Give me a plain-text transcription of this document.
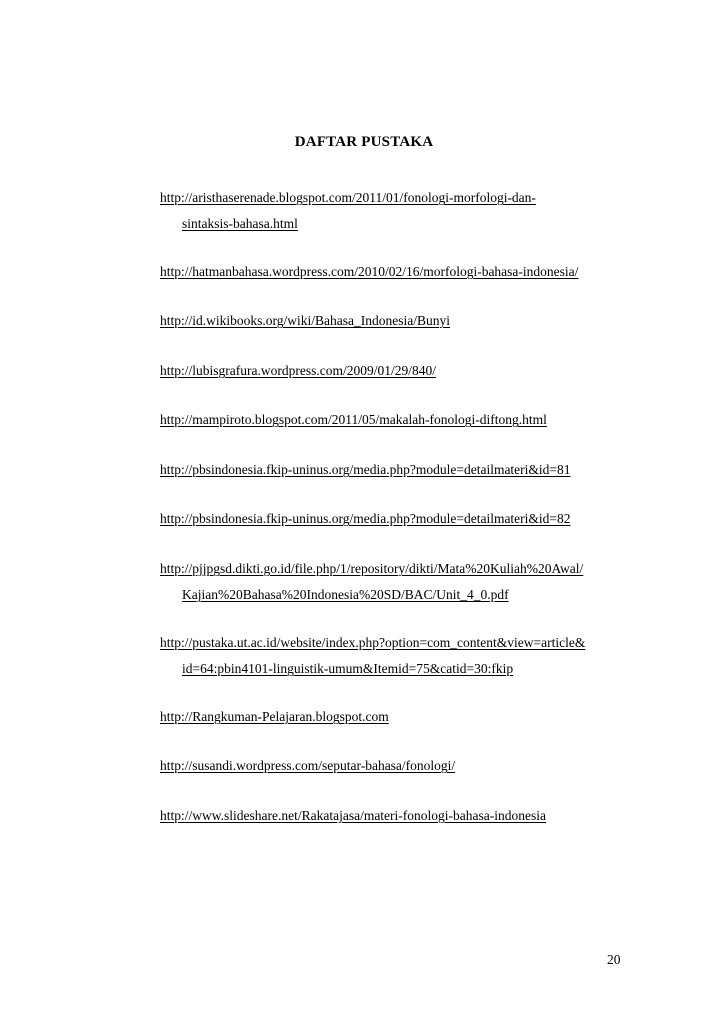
DAFTAR PUSTAKA
http://aristhaserenade.blogspot.com/2011/01/fonologi-morfologi-dan-
sintaksis-bahasa.html
http://hatmanbahasa.wordpress.com/2010/02/16/morfologi-bahasa-indonesia/
http://id.wikibooks.org/wiki/Bahasa_Indonesia/Bunyi
http://lubisgrafura.wordpress.com/2009/01/29/840/
http://mampiroto.blogspot.com/2011/05/makalah-fonologi-diftong.html
http://pbsindonesia.fkip-uninus.org/media.php?module=detailmateri&id=81
http://pbsindonesia.fkip-uninus.org/media.php?module=detailmateri&id=82
http://pjjpgsd.dikti.go.id/file.php/1/repository/dikti/Mata%20Kuliah%20Awal/
Kajian%20Bahasa%20Indonesia%20SD/BAC/Unit_4_0.pdf
http://pustaka.ut.ac.id/website/index.php?option=com_content&view=article&
id=64:pbin4101-linguistik-umum&Itemid=75&catid=30:fkip
http://Rangkuman-Pelajaran.blogspot.com
http://susandi.wordpress.com/seputar-bahasa/fonologi/
http://www.slideshare.net/Rakatajasa/materi-fonologi-bahasa-indonesia
20
